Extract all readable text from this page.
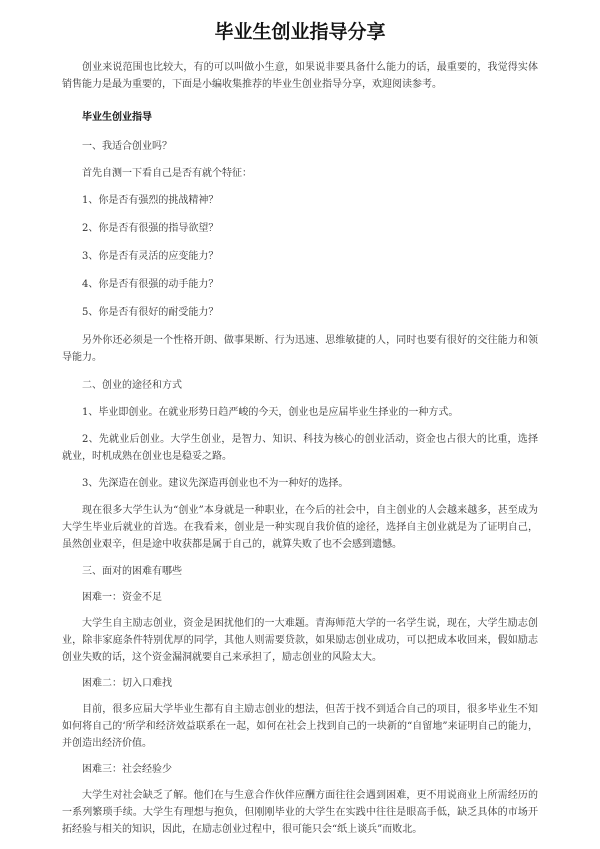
毕业生创业指导分享

创业来说范围也比较大，有的可以叫做小生意，如果说非要具备什么能力的话，最重要的，我觉得实体销售能力是最为重要的，下面是小编收集推荐的毕业生创业指导分享，欢迎阅读参考。

毕业生创业指导

一、我适合创业吗？

首先自测一下看自己是否有就个特征：

1、你是否有强烈的挑战精神？

2、你是否有很强的指导欲望？

3、你是否有灵活的应变能力？

4、你是否有很强的动手能力？

5、你是否有很好的耐受能力？

另外你还必须是一个性格开朗、做事果断、行为迅速、思维敏捷的人，同时也要有很好的交往能力和领导能力。

二、创业的途径和方式

1、毕业即创业。在就业形势日趋严峻的今天，创业也是应届毕业生择业的一种方式。

2、先就业后创业。大学生创业，是智力、知识、科技为核心的创业活动，资金也占很大的比重，选择就业，时机成熟在创业也是稳妥之路。

3、先深造在创业。建议先深造再创业也不为一种好的选择。

现在很多大学生认为“创业”本身就是一种职业，在今后的社会中，自主创业的人会越来越多，甚至成为大学生毕业后就业的首选。在我看来，创业是一种实现自我价值的途径，选择自主创业就是为了证明自己，虽然创业艰辛，但是途中收获都是属于自己的，就算失败了也不会感到遗憾。

三、面对的困难有哪些

困难一：资金不足

大学生自主励志创业，资金是困扰他们的一大难题。青海师范大学的一名学生说，现在，大学生励志创业，除非家庭条件特别优厚的同学，其他人则需要贷款，如果励志创业成功，可以把成本收回来，假如励志创业失败的话，这个资金漏洞就要自己来承担了，励志创业的风险太大。

困难二：切入口难找

目前，很多应届大学毕业生都有自主励志创业的想法，但苦于找不到适合自己的项目，很多毕业生不知如何将自己的‘所学和经济效益联系在一起，如何在社会上找到自己的一块新的“自留地”来证明自己的能力，并创造出经济价值。

困难三：社会经验少

大学生对社会缺乏了解。他们在与生意合作伙伴应酬方面往往会遇到困难，更不用说商业上所需经历的一系列繁琐手续。大学生有理想与抱负，但刚刚毕业的大学生在实践中往往是眼高手低，缺乏具体的市场开拓经验与相关的知识，因此，在励志创业过程中，很可能只会“纸上谈兵”而败北。
